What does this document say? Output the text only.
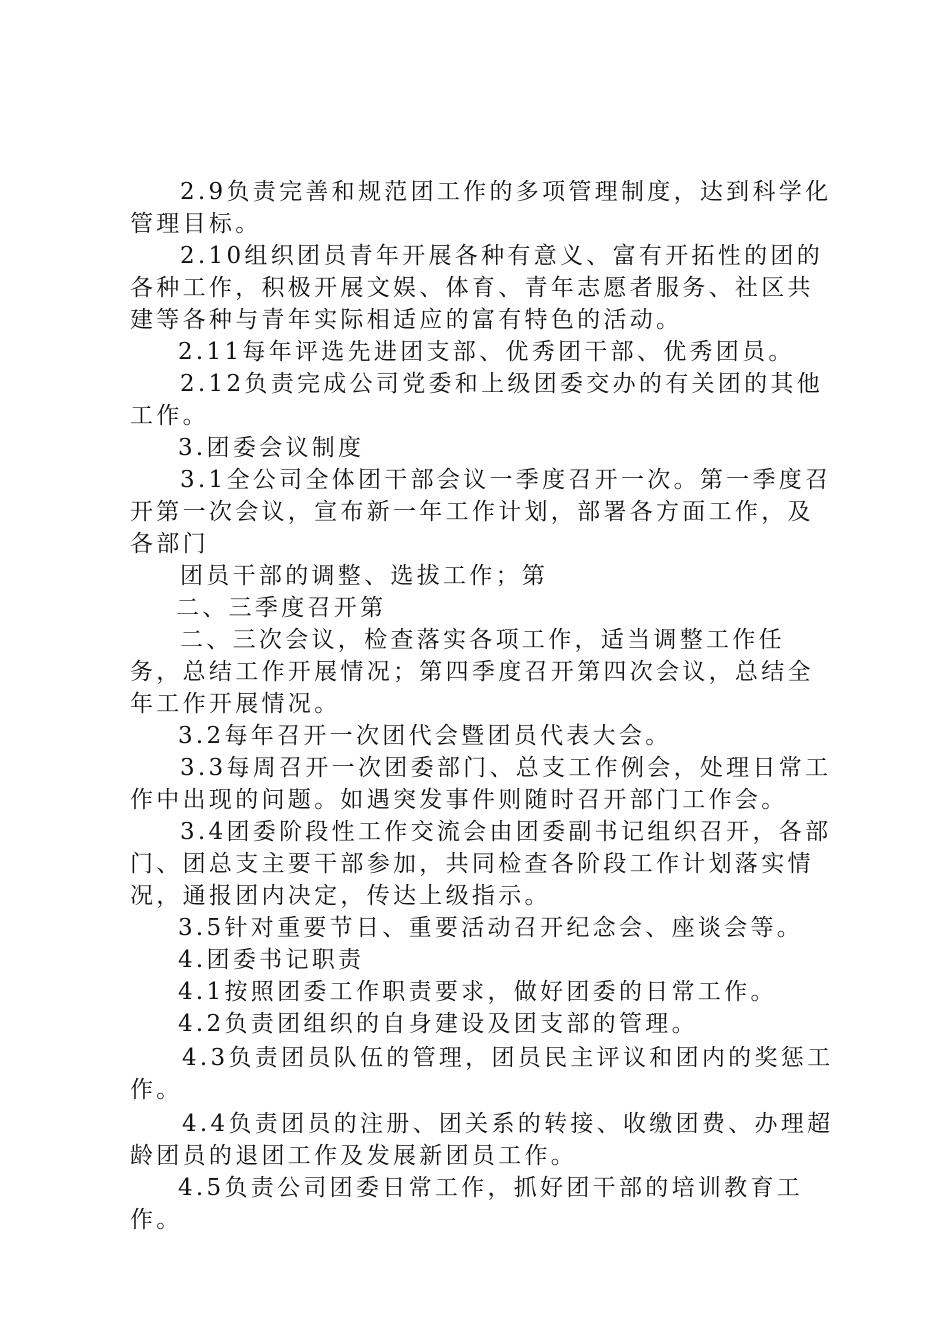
2.9负责完善和规范团工作的多项管理制度，达到科学化管理目标。

2.10组织团员青年开展各种有意义、富有开拓性的团的各种工作，积极开展文娱、体育、青年志愿者服务、社区共建等各种与青年实际相适应的富有特色的活动。

2.11每年评选先进团支部、优秀团干部、优秀团员。

2.12负责完成公司党委和上级团委交办的有关团的其他工作。

3.团委会议制度

3.1全公司全体团干部会议一季度召开一次。第一季度召开第一次会议，宣布新一年工作计划，部署各方面工作，及各部门

团员干部的调整、选拔工作；第

二、三季度召开第

二、三次会议，检查落实各项工作，适当调整工作任务，总结工作开展情况；第四季度召开第四次会议，总结全年工作开展情况。

3.2每年召开一次团代会暨团员代表大会。

3.3每周召开一次团委部门、总支工作例会，处理日常工作中出现的问题。如遇突发事件则随时召开部门工作会。

3.4团委阶段性工作交流会由团委副书记组织召开，各部门、团总支主要干部参加，共同检查各阶段工作计划落实情况，通报团内决定，传达上级指示。

3.5针对重要节日、重要活动召开纪念会、座谈会等。

4.团委书记职责

4.1按照团委工作职责要求，做好团委的日常工作。

4.2负责团组织的自身建设及团支部的管理。

4.3负责团员队伍的管理，团员民主评议和团内的奖惩工作。

4.4负责团员的注册、团关系的转接、收缴团费、办理超龄团员的退团工作及发展新团员工作。

4.5负责公司团委日常工作，抓好团干部的培训教育工作。
